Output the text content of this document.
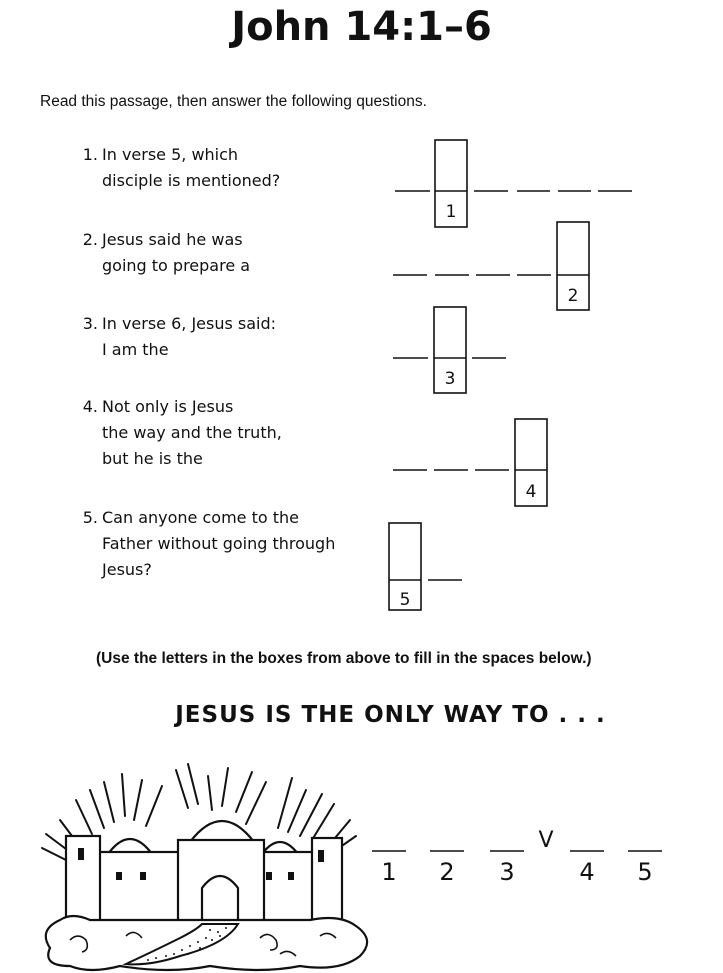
John 14:1–6
Read this passage, then answer the following questions.
1. In verse 5, which
disciple is mentioned?
2. Jesus said he was
going to prepare a
3. In verse 6, Jesus said:
I am the
4. Not only is Jesus
the way and the truth,
but he is the
5. Can anyone come to the
Father without going through
Jesus?
1
2
3
4
5
(Use the letters in the boxes from above to fill in the spaces below.)
JESUS IS THE ONLY WAY TO . . .
V
1 2 3	4 5
